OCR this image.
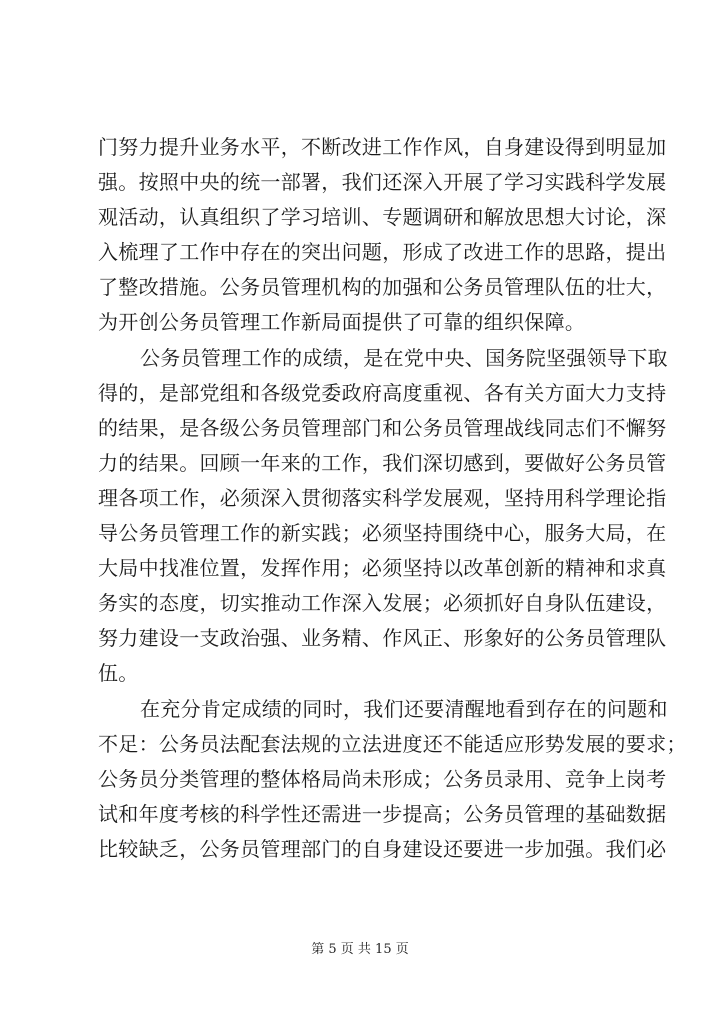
门努力提升业务水平，不断改进工作作风，自身建设得到明显加
强。按照中央的统一部署，我们还深入开展了学习实践科学发展
观活动，认真组织了学习培训、专题调研和解放思想大讨论，深
入梳理了工作中存在的突出问题，形成了改进工作的思路，提出
了整改措施。公务员管理机构的加强和公务员管理队伍的壮大，
为开创公务员管理工作新局面提供了可靠的组织保障。
公务员管理工作的成绩，是在党中央、国务院坚强领导下取
得的，是部党组和各级党委政府高度重视、各有关方面大力支持
的结果，是各级公务员管理部门和公务员管理战线同志们不懈努
力的结果。回顾一年来的工作，我们深切感到，要做好公务员管
理各项工作，必须深入贯彻落实科学发展观，坚持用科学理论指
导公务员管理工作的新实践；必须坚持围绕中心，服务大局，在
大局中找准位置，发挥作用；必须坚持以改革创新的精神和求真
务实的态度，切实推动工作深入发展；必须抓好自身队伍建设，
努力建设一支政治强、业务精、作风正、形象好的公务员管理队
伍。
在充分肯定成绩的同时，我们还要清醒地看到存在的问题和
不足：公务员法配套法规的立法进度还不能适应形势发展的要求；
公务员分类管理的整体格局尚未形成；公务员录用、竞争上岗考
试和年度考核的科学性还需进一步提高；公务员管理的基础数据
比较缺乏，公务员管理部门的自身建设还要进一步加强。我们必
第 5 页 共 15 页
